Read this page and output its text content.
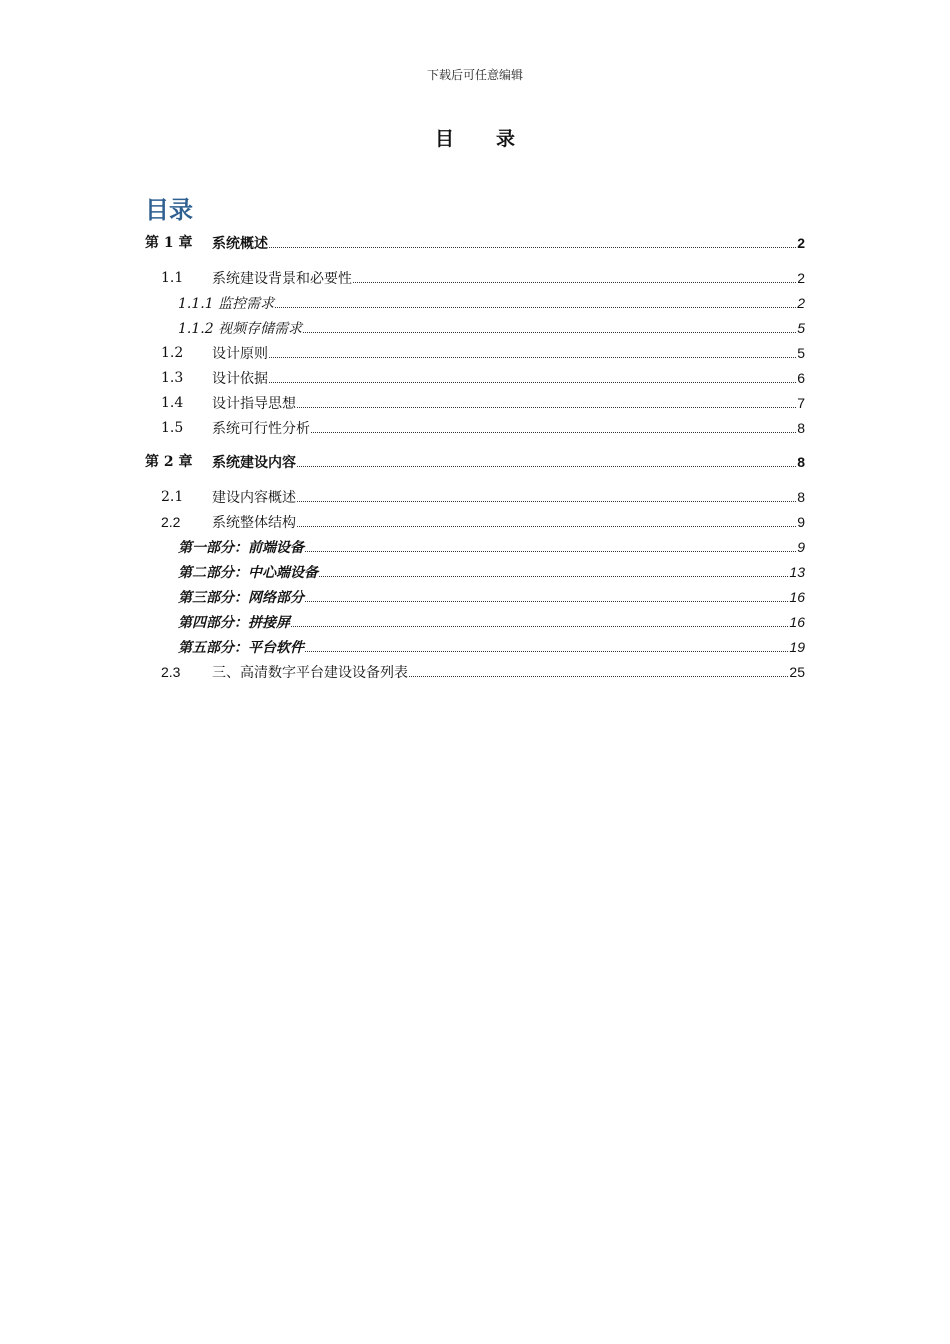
下载后可任意编辑
目 录
目录
第 1 章 系统概述	2
1.1 系统建设背景和必要性	2
1.1.1 监控需求	2
1.1.2 视频存储需求	5
1.2 设计原则	5
1.3 设计依据	6
1.4 设计指导思想	7
1.5 系统可行性分析	8
第 2 章 系统建设内容	8
2.1 建设内容概述	8
2.2 系统整体结构	9
第一部分：前端设备	9
第二部分：中心端设备	13
第三部分：网络部分	16
第四部分：拼接屏	16
第五部分：平台软件	19
2.3 三、高清数字平台建设设备列表	25
